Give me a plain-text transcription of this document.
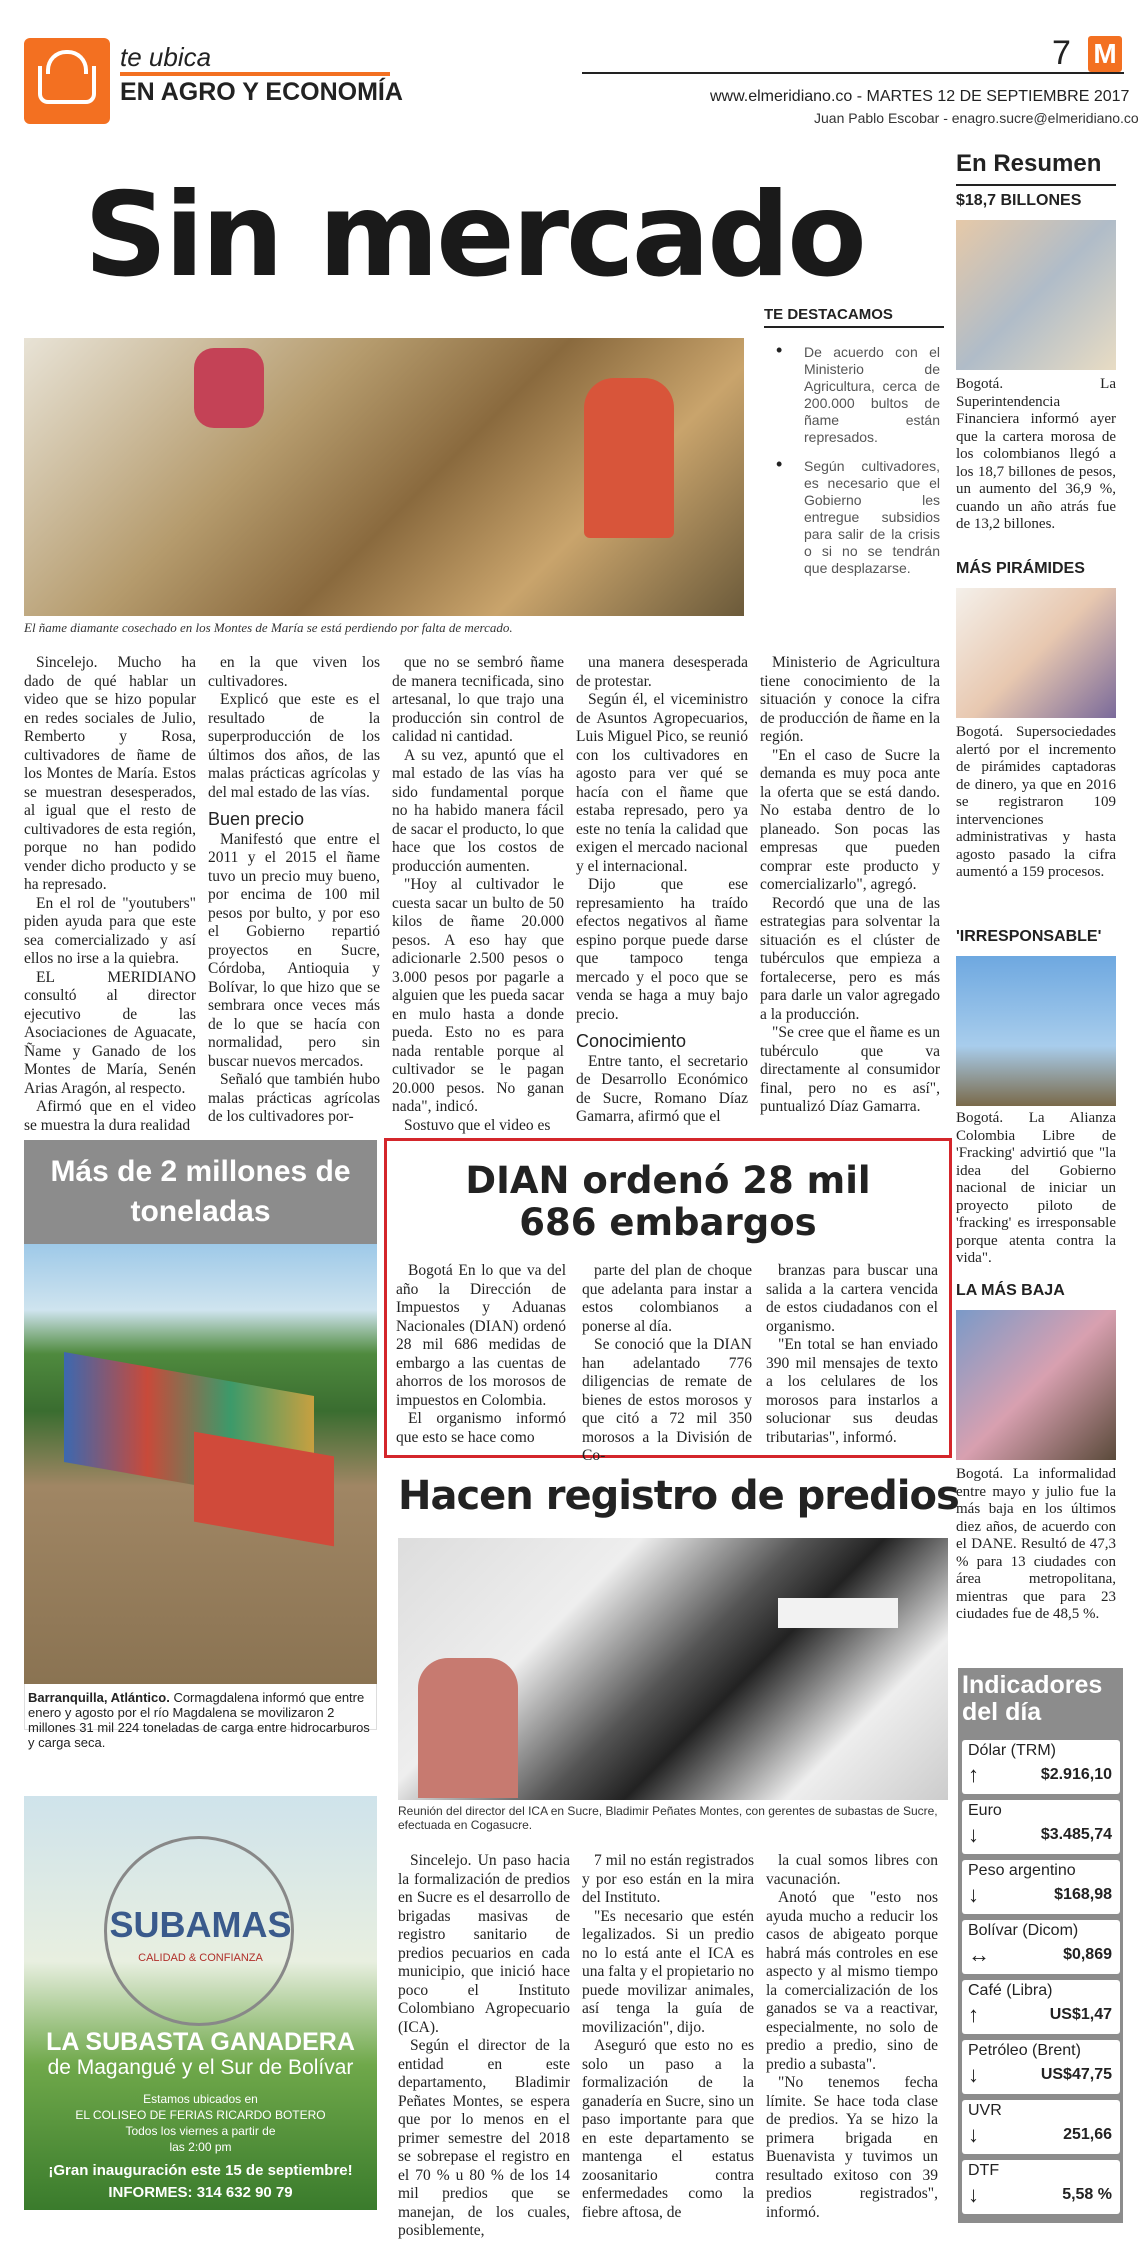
te ubica
EN AGRO Y ECONOMÍA
7 M
www.elmeridiano.co - MARTES 12 DE SEPTIEMBRE 2017
Juan Pablo Escobar - enagro.sucre@elmeridiano.co
Sin mercado
El ñame diamante cosechado en los Montes de María se está perdiendo por falta de mercado.
TE DESTACAMOS
• De acuerdo con el Ministerio de Agricultura, cerca de 200.000 bultos de ñame están represados.
• Según cultivadores, es necesario que el Gobierno les entregue subsidios para salir de la crisis o si no se tendrán que desplazarse.

Sincelejo. Mucho ha dado de qué hablar un video que se hizo popular en redes sociales de Julio, Remberto y Rosa, cultivadores de ñame de los Montes de María. Estos se muestran desesperados, al igual que el resto de cultivadores de esta región, porque no han podido vender dicho producto y se ha represado.

En el rol de "youtubers" piden ayuda para que este sea comercializado y así ellos no irse a la quiebra.

EL MERIDIANO consultó al director ejecutivo de las Asociaciones de Aguacate, Ñame y Ganado de los Montes de María, Senén Arias Aragón, al respecto.

Afirmó que en el video se muestra la dura realidad

en la que viven los cultivadores.

Explicó que este es el resultado de la superproducción de los últimos dos años, de las malas prácticas agrícolas y del mal estado de las vías.

Buen precio

Manifestó que entre el 2011 y el 2015 el ñame tuvo un precio muy bueno, por encima de 100 mil pesos por bulto, y por eso el Gobierno repartió proyectos en Sucre, Córdoba, Antioquia y Bolívar, lo que hizo que se sembrara once veces más de lo que se hacía con normalidad, pero sin buscar nuevos mercados.

Señaló que también hubo malas prácticas agrícolas de los cultivadores por-

que no se sembró ñame de manera tecnificada, sino artesanal, lo que trajo una producción sin control de calidad ni cantidad.

A su vez, apuntó que el mal estado de las vías ha sido fundamental porque no ha habido manera fácil de sacar el producto, lo que hace que los costos de producción aumenten.

"Hoy al cultivador le cuesta sacar un bulto de 50 kilos de ñame 20.000 pesos. A eso hay que adicionarle 2.500 pesos o 3.000 pesos por pagarle a alguien que les pueda sacar en mulo hasta a donde pueda. Esto no es para nada rentable porque al cultivador se le pagan 20.000 pesos. No ganan nada", indicó.

Sostuvo que el video es

una manera desesperada de protestar.

Según él, el viceministro de Asuntos Agropecuarios, Luis Miguel Pico, se reunió con los cultivadores en agosto para ver qué se hacía con el ñame que estaba represado, pero ya este no tenía la calidad que exigen el mercado nacional y el internacional.

Dijo que ese represamiento ha traído efectos negativos al ñame espino porque puede darse que tampoco tenga mercado y el poco que se venda se haga a muy bajo precio.

Conocimiento

Entre tanto, el secretario de Desarrollo Económico de Sucre, Romano Díaz Gamarra, afirmó que el

Ministerio de Agricultura tiene conocimiento de la situación y conoce la cifra de producción de ñame en la región.

"En el caso de Sucre la demanda es muy poca ante la oferta que se está dando. No estaba dentro de lo planeado. Son pocas las empresas que pueden comprar este producto y comercializarlo", agregó.

Recordó que una de las estrategias para solventar la situación es el clúster de tubérculos que empieza a fortalecerse, pero es más para darle un valor agregado a la producción.

"Se cree que el ñame es un tubérculo que va directamente al consumidor final, pero no es así", puntualizó Díaz Gamarra.

En Resumen
$18,7 BILLONES
Bogotá. La Superintendencia Financiera informó ayer que la cartera morosa de los colombianos llegó a los 18,7 billones de pesos, un aumento del 36,9 %, cuando un año atrás fue de 13,2 billones.
MÁS PIRÁMIDES
Bogotá. Supersociedades alertó por el incremento de pirámides captadoras de dinero, ya que en 2016 se registraron 109 intervenciones administrativas y hasta agosto pasado la cifra aumentó a 159 procesos.
'IRRESPONSABLE'
Bogotá. La Alianza Colombia Libre de 'Fracking' advirtió que "la idea del Gobierno nacional de iniciar un proyecto piloto de 'fracking' es irresponsable porque atenta contra la vida".
LA MÁS BAJA
Bogotá. La informalidad entre mayo y julio fue la más baja en los últimos diez años, de acuerdo con el DANE. Resultó de 47,3 % para 13 ciudades con área metropolitana, mientras que para 23 ciudades fue de 48,5 %.
Más de 2 millones de toneladas
Barranquilla, Atlántico. Cormagdalena informó que entre enero y agosto por el río Magdalena se movilizaron 2 millones 31 mil 224 toneladas de carga entre hidrocarburos y carga seca.
SUBAMAS
CALIDAD & CONFIANZA
LA SUBASTA GANADERA
de Magangué y el Sur de Bolívar
Estamos ubicados en
EL COLISEO DE FERIAS RICARDO BOTERO
Todos los viernes a partir de
las 2:00 pm
¡Gran inauguración este 15 de septiembre!
INFORMES: 314 632 90 79
DIAN ordenó 28 mil
686 embargos

Bogotá En lo que va del año la Dirección de Impuestos y Aduanas Nacionales (DIAN) ordenó 28 mil 686 medidas de embargo a las cuentas de ahorros de los morosos de impuestos en Colombia.

El organismo informó que esto se hace como

parte del plan de choque que adelanta para instar a estos colombianos a ponerse al día.

Se conoció que la DIAN han adelantado 776 diligencias de remate de bienes de estos morosos y que citó a 72 mil 350 morosos a la División de Co-

branzas para buscar una salida a la cartera vencida de estos ciudadanos con el organismo.

"En total se han enviado 390 mil mensajes de texto a los celulares de los morosos para instarlos a solucionar sus deudas tributarias", informó.

Hacen registro de predios
Reunión del director del ICA en Sucre, Bladimir Peñates Montes, con gerentes de subastas de Sucre, efectuada en Cogasucre.

Sincelejo. Un paso hacia la formalización de predios en Sucre es el desarrollo de brigadas masivas de registro sanitario de predios pecuarios en cada municipio, que inició hace poco el Instituto Colombiano Agropecuario (ICA).

Según el director de la entidad en este departamento, Bladimir Peñates Montes, se espera que por lo menos en el primer semestre del 2018 se sobrepase el registro en el 70 % u 80 % de los 14 mil predios que se manejan, de los cuales, posiblemente,

7 mil no están registrados y por eso están en la mira del Instituto.

"Es necesario que estén legalizados. Si un predio no lo está ante el ICA es una falta y el propietario no puede movilizar animales, así tenga la guía de movilización", dijo.

Aseguró que esto no es solo un paso a la formalización de la ganadería en Sucre, sino un paso importante para que en este departamento se mantenga el estatus zoosanitario contra enfermedades como la fiebre aftosa, de

la cual somos libres con vacunación.

Anotó que "esto nos ayuda mucho a reducir los casos de abigeato porque habrá más controles en ese aspecto y al mismo tiempo la comercialización de los ganados se va a reactivar, especialmente, no solo de predio a predio, sino de predio a subasta".

"No tenemos fecha límite. Se hace toda clase de predios. Ya se hizo la primera brigada en Buenavista y tuvimos un resultado exitoso con 39 predios registrados", informó.

Indicadores del día
Dólar (TRM)
↑	$2.916,10
Euro
↓	$3.485,74
Peso argentino
↓	$168,98
Bolívar (Dicom)
↔	$0,869
Café (Libra)
↑	US$1,47
Petróleo (Brent)
↓	US$47,75
UVR
↓	251,66
DTF
↓	5,58 %
